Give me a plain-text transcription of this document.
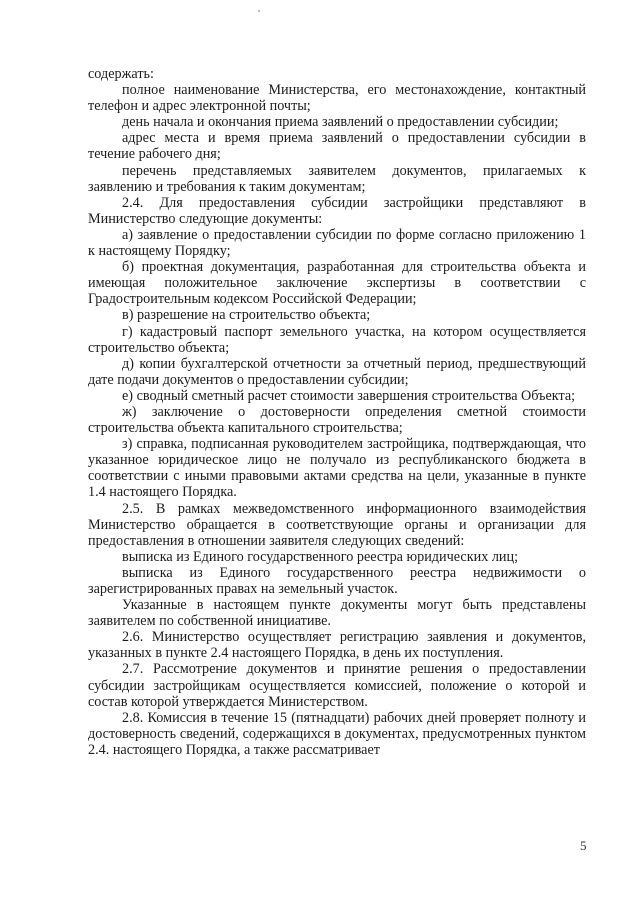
содержать:

полное наименование Министерства, его местонахождение, контактный телефон и адрес электронной почты;

день начала и окончания приема заявлений о предоставлении субсидии;

адрес места и время приема заявлений о предоставлении субсидии в течение рабочего дня;

перечень представляемых заявителем документов, прилагаемых к заявлению и требования к таким документам;

2.4. Для предоставления субсидии застройщики представляют в Министерство следующие документы:

а) заявление о предоставлении субсидии по форме согласно приложению 1 к настоящему Порядку;

б) проектная документация, разработанная для строительства объекта и имеющая положительное заключение экспертизы в соответствии с Градостроительным кодексом Российской Федерации;

в) разрешение на строительство объекта;

г) кадастровый паспорт земельного участка, на котором осуществляется строительство объекта;

д) копии бухгалтерской отчетности за отчетный период, предшествующий дате подачи документов о предоставлении субсидии;

е) сводный сметный расчет стоимости завершения строительства Объекта;

ж) заключение о достоверности определения сметной стоимости строительства объекта капитального строительства;

з) справка, подписанная руководителем застройщика, подтверждающая, что указанное юридическое лицо не получало из республиканского бюджета в соответствии с иными правовыми актами средства на цели, указанные в пункте 1.4 настоящего Порядка.

2.5. В рамках межведомственного информационного взаимодействия Министерство обращается в соответствующие органы и организации для предоставления в отношении заявителя следующих сведений:

выписка из Единого государственного реестра юридических лиц;

выписка из Единого государственного реестра недвижимости о зарегистрированных правах на земельный участок.

Указанные в настоящем пункте документы могут быть представлены заявителем по собственной инициативе.

2.6. Министерство осуществляет регистрацию заявления и документов, указанных в пункте 2.4 настоящего Порядка, в день их поступления.

2.7. Рассмотрение документов и принятие решения о предоставлении субсидии застройщикам осуществляется комиссией, положение о которой и состав которой утверждается Министерством.

2.8. Комиссия в течение 15 (пятнадцати) рабочих дней проверяет полноту и достоверность сведений, содержащихся в документах, предусмотренных пунктом 2.4. настоящего Порядка, а также рассматривает

5
